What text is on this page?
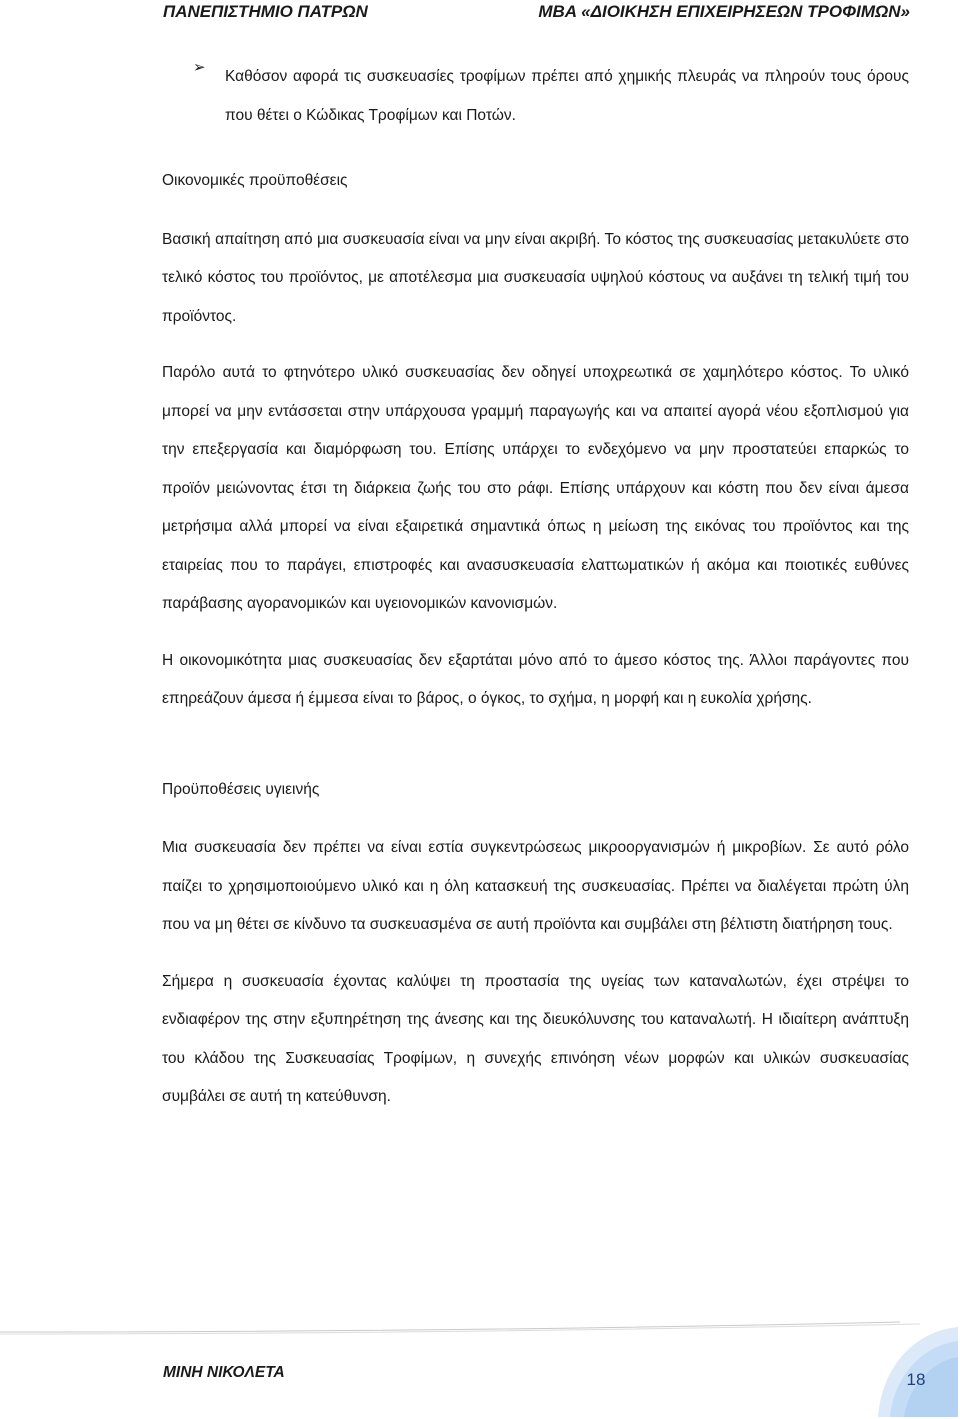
ΠΑΝΕΠΙΣΤΗΜΙΟ ΠΑΤΡΩΝ	ΜΒΑ «ΔΙΟΙΚΗΣΗ ΕΠΙΧΕΙΡΗΣΕΩΝ ΤΡΟΦΙΜΩΝ»
➢

Καθόσον αφορά τις συσκευασίες τροφίμων πρέπει από χημικής πλευράς να πληρούν τους όρους που θέτει ο Κώδικας Τροφίμων και Ποτών.

Οικονομικές προϋποθέσεις

Βασική απαίτηση από μια συσκευασία είναι να μην είναι ακριβή. Το κόστος της συσκευασίας μετακυλύετε στο τελικό κόστος του προϊόντος, με αποτέλεσμα μια συσκευασία υψηλού κόστους να αυξάνει τη τελική τιμή του προϊόντος.

Παρόλο αυτά το φτηνότερο υλικό συσκευασίας δεν οδηγεί υποχρεωτικά σε χαμηλότερο κόστος. Το υλικό μπορεί να μην εντάσσεται στην υπάρχουσα γραμμή παραγωγής και να απαιτεί αγορά νέου εξοπλισμού για την επεξεργασία και διαμόρφωση του. Επίσης υπάρχει το ενδεχόμενο να μην προστατεύει επαρκώς το προϊόν μειώνοντας έτσι τη διάρκεια ζωής του στο ράφι. Επίσης υπάρχουν και κόστη που δεν είναι άμεσα μετρήσιμα αλλά μπορεί να είναι εξαιρετικά σημαντικά όπως η μείωση της εικόνας του προϊόντος και της εταιρείας που το παράγει, επιστροφές και ανασυσκευασία ελαττωματικών ή ακόμα και ποιοτικές ευθύνες παράβασης αγορανομικών και υγειονομικών κανονισμών.

Η οικονομικότητα μιας συσκευασίας δεν εξαρτάται μόνο από το άμεσο κόστος της. Άλλοι παράγοντες που επηρεάζουν άμεσα ή έμμεσα είναι το βάρος, ο όγκος, το σχήμα, η μορφή και η ευκολία χρήσης.

Προϋποθέσεις υγιεινής

Μια συσκευασία δεν πρέπει να είναι εστία συγκεντρώσεως μικροοργανισμών ή μικροβίων. Σε αυτό ρόλο παίζει το χρησιμοποιούμενο υλικό και η όλη κατασκευή της συσκευασίας. Πρέπει να διαλέγεται πρώτη ύλη που να μη θέτει σε κίνδυνο τα συσκευασμένα σε αυτή προϊόντα και συμβάλει στη βέλτιστη διατήρηση τους.

Σήμερα η συσκευασία έχοντας καλύψει τη προστασία της υγείας των καταναλωτών, έχει στρέψει το ενδιαφέρον της στην εξυπηρέτηση της άνεσης και της διευκόλυνσης του καταναλωτή. Η ιδιαίτερη ανάπτυξη του κλάδου της Συσκευασίας Τροφίμων, η συνεχής επινόηση νέων μορφών και υλικών συσκευασίας συμβάλει σε αυτή τη κατεύθυνση.

18
ΜΙΝΗ ΝΙΚΟΛΕΤΑ
